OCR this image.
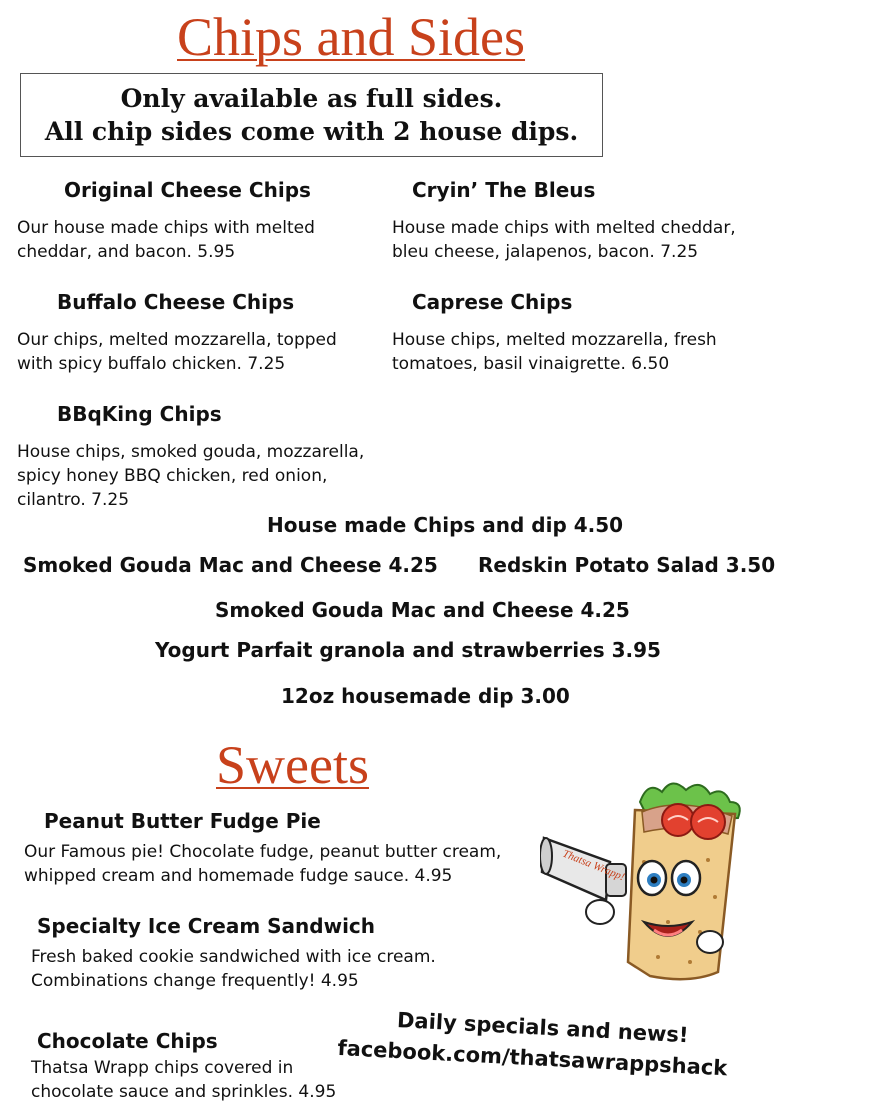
Chips and Sides
Only available as full sides.
All chip sides come with 2 house dips.
Original Cheese Chips
Our house made chips with melted
cheddar, and bacon. 5.95
Cryin’ The Bleus
House made chips with melted cheddar,
bleu cheese, jalapenos, bacon. 7.25
Buffalo Cheese Chips
Our chips, melted mozzarella, topped
with spicy buffalo chicken. 7.25
Caprese Chips
House chips, melted mozzarella, fresh
tomatoes, basil vinaigrette. 6.50
BBqKing Chips
House chips, smoked gouda, mozzarella,
spicy honey BBQ chicken, red onion,
cilantro. 7.25
House made Chips and dip 4.50
Smoked Gouda Mac and Cheese 4.25 Redskin Potato Salad 3.50
Smoked Gouda Mac and Cheese 4.25
Yogurt Parfait granola and strawberries 3.95
12oz housemade dip 3.00
Sweets
Peanut Butter Fudge Pie
Our Famous pie! Chocolate fudge, peanut butter cream,
whipped cream and homemade fudge sauce. 4.95
Specialty Ice Cream Sandwich
Fresh baked cookie sandwiched with ice cream.
Combinations change frequently! 4.95
Chocolate Chips
Thatsa Wrapp chips covered in
chocolate sauce and sprinkles. 4.95
Thatsa Wrapp!
Daily specials and news!
facebook.com/thatsawrappshack
